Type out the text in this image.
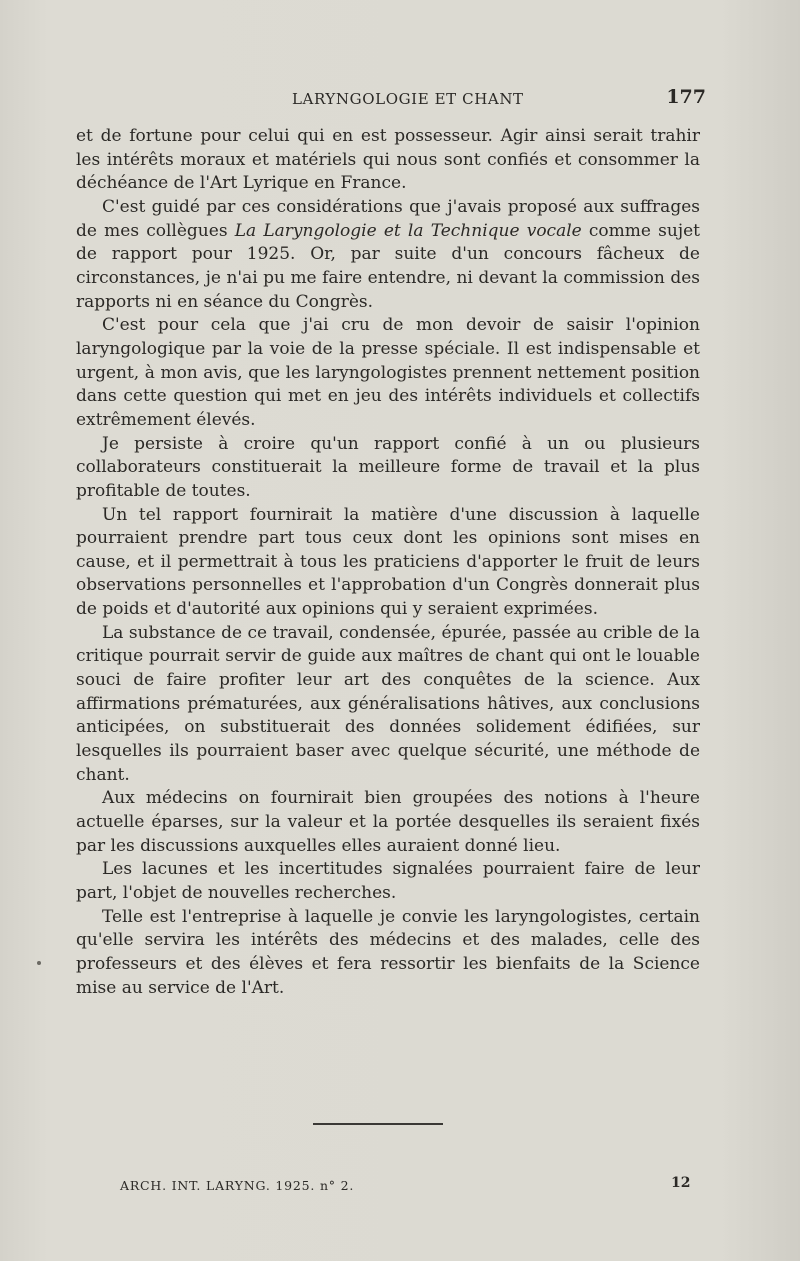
LARYNGOLOGIE ET CHANT	177

et de fortune pour celui qui en est possesseur. Agir ainsi serait trahir les intérêts moraux et matériels qui nous sont confiés et consommer la déchéance de l'Art Lyrique en France.

C'est guidé par ces considérations que j'avais proposé aux suffrages de mes collègues La Laryngologie et la Technique vocale comme sujet de rapport pour 1925. Or, par suite d'un concours fâcheux de circonstances, je n'ai pu me faire entendre, ni devant la commission des rapports ni en séance du Congrès.

C'est pour cela que j'ai cru de mon devoir de saisir l'opinion laryngologique par la voie de la presse spéciale. Il est indispensable et urgent, à mon avis, que les laryngologistes prennent nettement position dans cette question qui met en jeu des intérêts individuels et collectifs extrêmement élevés.

Je persiste à croire qu'un rapport confié à un ou plusieurs collaborateurs constituerait la meilleure forme de travail et la plus profitable de toutes.

Un tel rapport fournirait la matière d'une discussion à laquelle pourraient prendre part tous ceux dont les opinions sont mises en cause, et il permettrait à tous les praticiens d'apporter le fruit de leurs observations personnelles et l'approbation d'un Congrès donnerait plus de poids et d'autorité aux opinions qui y seraient exprimées.

La substance de ce travail, condensée, épurée, passée au crible de la critique pourrait servir de guide aux maîtres de chant qui ont le louable souci de faire profiter leur art des conquêtes de la science. Aux affirmations prématurées, aux généralisations hâtives, aux conclusions anticipées, on substituerait des données solidement édifiées, sur lesquelles ils pourraient baser avec quelque sécurité, une méthode de chant.

Aux médecins on fournirait bien groupées des notions à l'heure actuelle éparses, sur la valeur et la portée desquelles ils seraient fixés par les discussions auxquelles elles auraient donné lieu.

Les lacunes et les incertitudes signalées pourraient faire de leur part, l'objet de nouvelles recherches.

Telle est l'entreprise à laquelle je convie les laryngologistes, certain qu'elle servira les intérêts des médecins et des malades, celle des professeurs et des élèves et fera ressortir les bienfaits de la Science mise au service de l'Art.

ARCH. INT. LARYNG. 1925. n° 2.	12
